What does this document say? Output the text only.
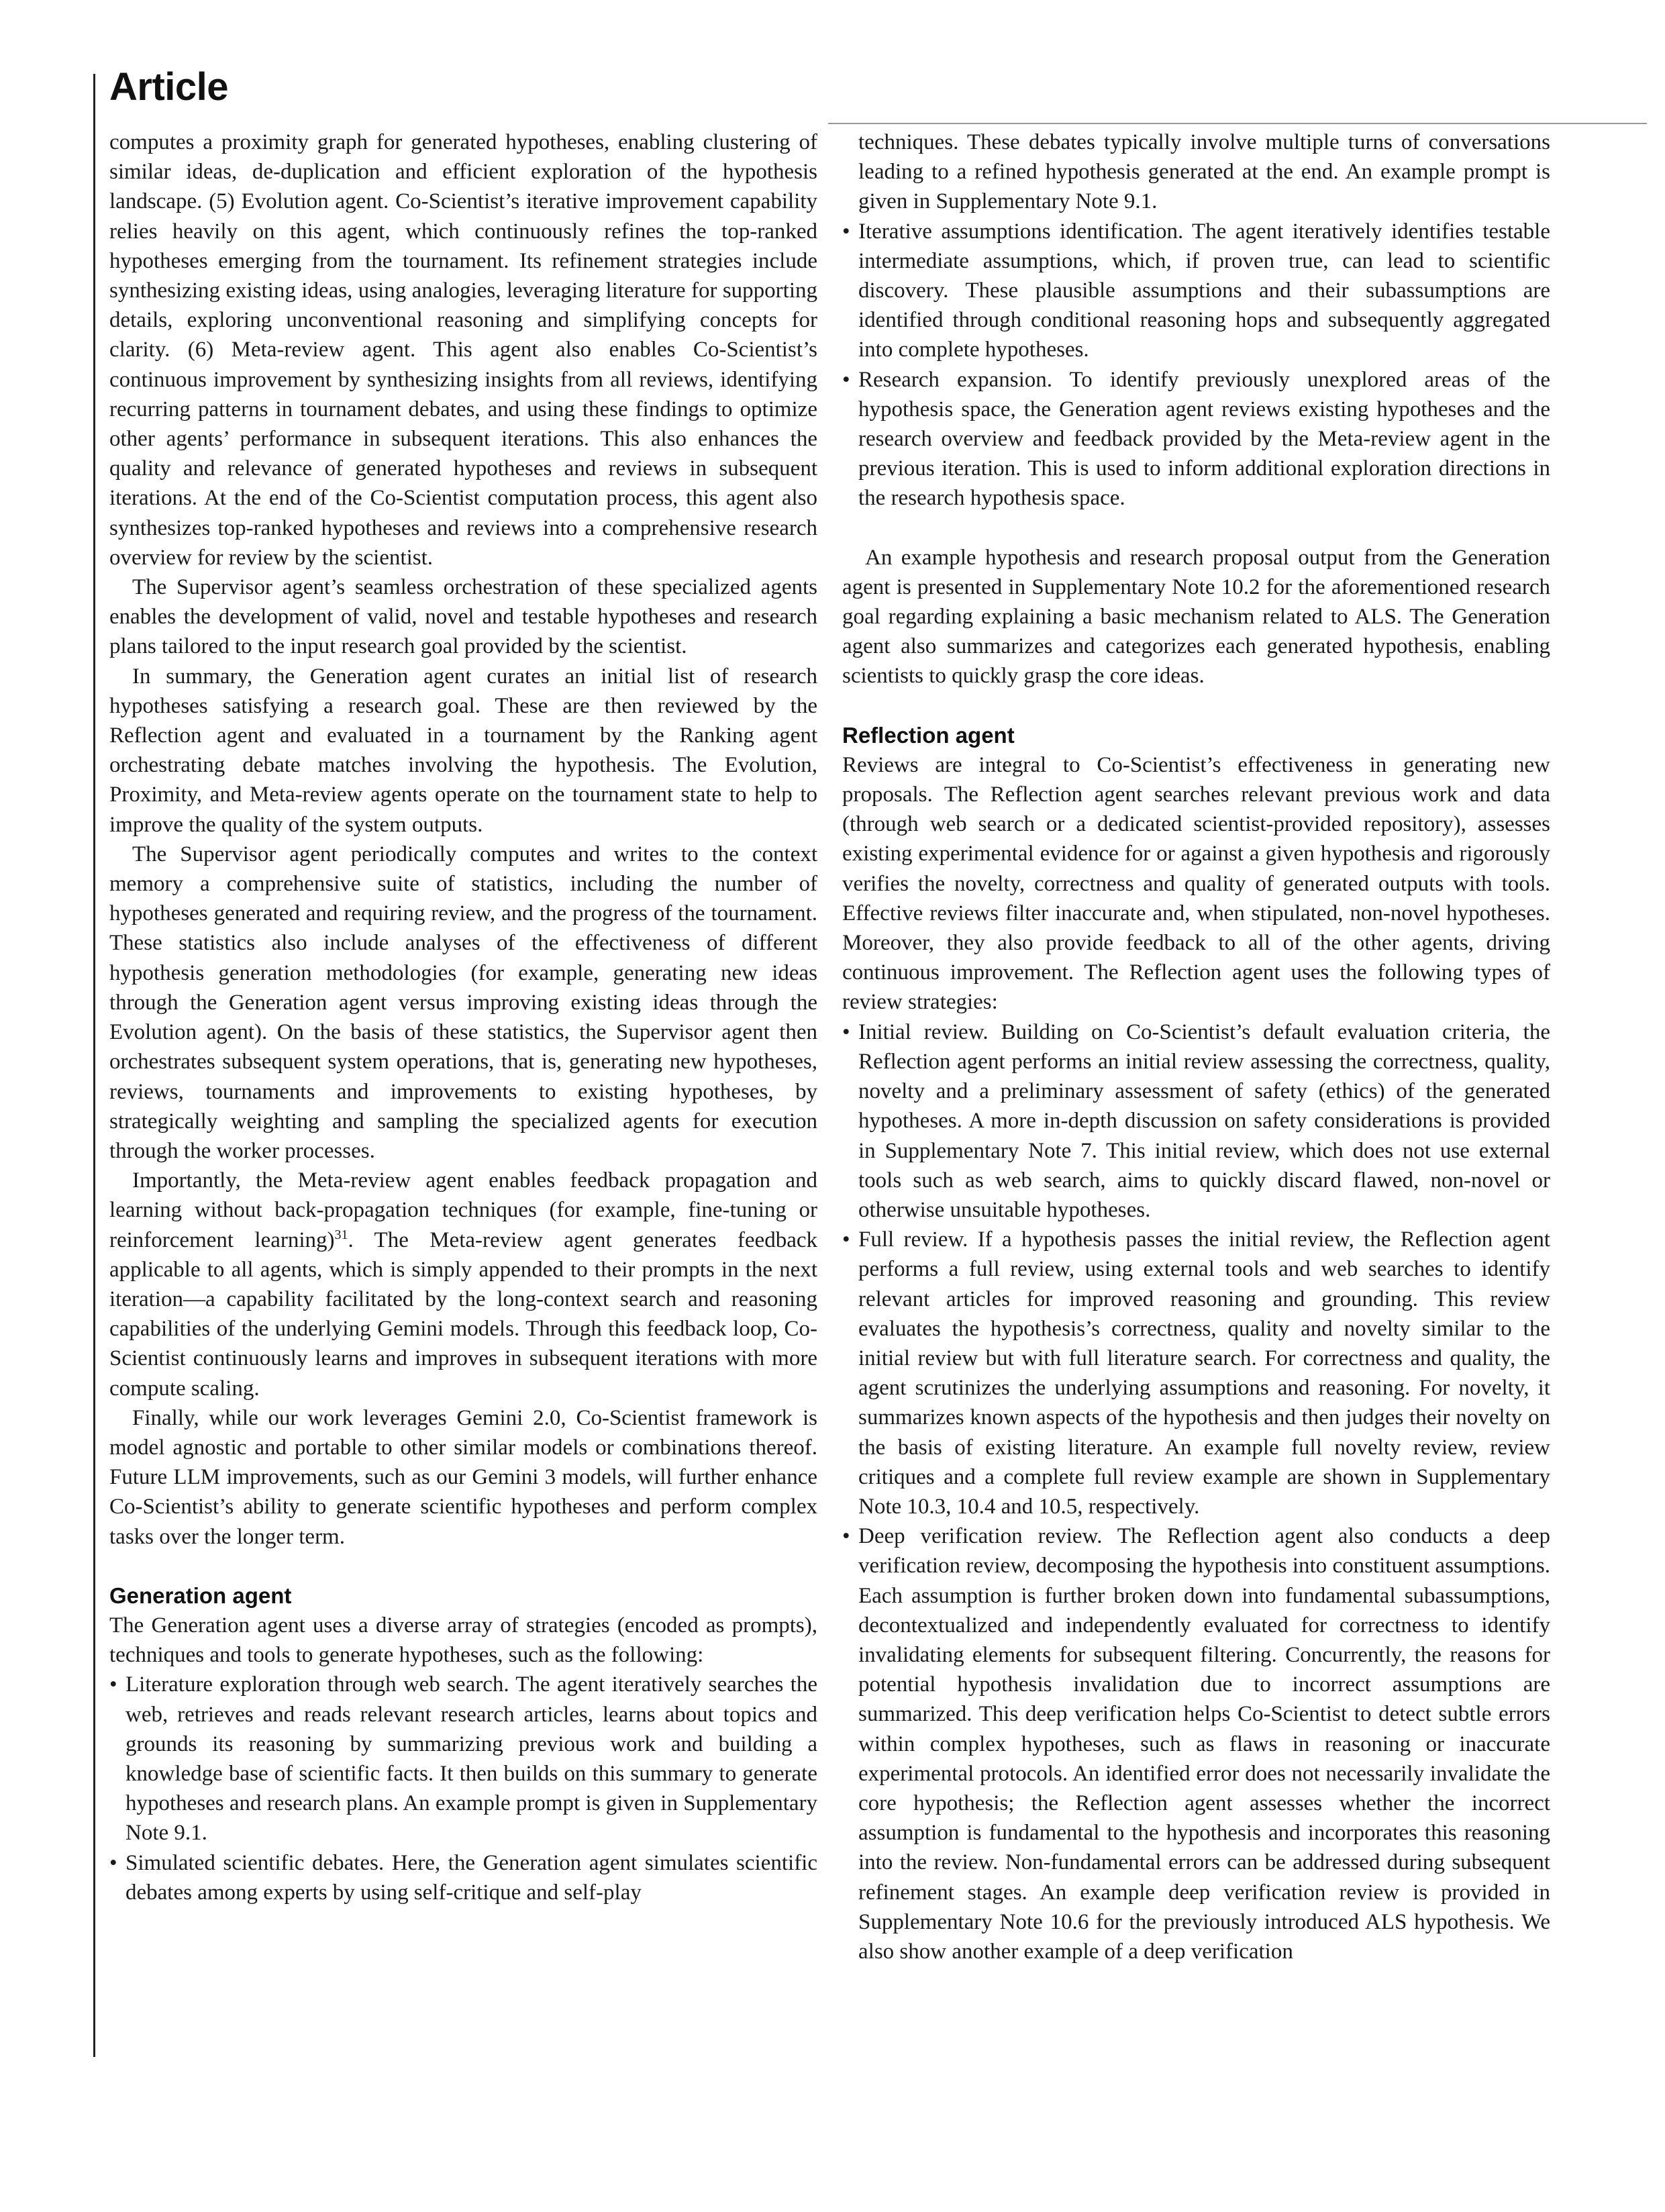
Article

computes a proximity graph for generated hypotheses, enabling clustering of similar ideas, de-duplication and efficient exploration of the hypothesis landscape. (5) Evolution agent. Co-Scientist’s iterative improvement capability relies heavily on this agent, which continuously refines the top-ranked hypotheses emerging from the tournament. Its refinement strategies include synthesizing existing ideas, using analogies, leveraging literature for supporting details, exploring unconventional reasoning and simplifying concepts for clarity. (6) Meta-review agent. This agent also enables Co-Scientist’s continuous improvement by synthesizing insights from all reviews, identifying recurring patterns in tournament debates, and using these findings to optimize other agents’ performance in subsequent iterations. This also enhances the quality and relevance of generated hypotheses and reviews in subsequent iterations. At the end of the Co-Scientist computation process, this agent also synthesizes top-ranked hypotheses and reviews into a comprehensive research overview for review by the scientist.

The Supervisor agent’s seamless orchestration of these specialized agents enables the development of valid, novel and testable hypotheses and research plans tailored to the input research goal provided by the scientist.

In summary, the Generation agent curates an initial list of research hypotheses satisfying a research goal. These are then reviewed by the Reflection agent and evaluated in a tournament by the Ranking agent orchestrating debate matches involving the hypothesis. The Evolution, Proximity, and Meta-review agents operate on the tournament state to help to improve the quality of the system outputs.

The Supervisor agent periodically computes and writes to the context memory a comprehensive suite of statistics, including the number of hypotheses generated and requiring review, and the progress of the tournament. These statistics also include analyses of the effectiveness of different hypothesis generation methodologies (for example, generating new ideas through the Generation agent versus improving existing ideas through the Evolution agent). On the basis of these statistics, the Supervisor agent then orchestrates subsequent system operations, that is, generating new hypotheses, reviews, tournaments and improvements to existing hypotheses, by strategically weighting and sampling the specialized agents for execution through the worker processes.

Importantly, the Meta-review agent enables feedback propagation and learning without back-propagation techniques (for example, fine-tuning or reinforcement learning)$^{31}$. The Meta-review agent generates feedback applicable to all agents, which is simply appended to their prompts in the next iteration—a capability facilitated by the long-context search and reasoning capabilities of the underlying Gemini models. Through this feedback loop, Co-Scientist continuously learns and improves in subsequent iterations with more compute scaling.

Finally, while our work leverages Gemini 2.0, Co-Scientist framework is model agnostic and portable to other similar models or combinations thereof. Future LLM improvements, such as our Gemini 3 models, will further enhance Co-Scientist’s ability to generate scientific hypotheses and perform complex tasks over the longer term.

Generation agent

The Generation agent uses a diverse array of strategies (encoded as prompts), techniques and tools to generate hypotheses, such as the following:

• Literature exploration through web search. The agent iteratively searches the web, retrieves and reads relevant research articles, learns about topics and grounds its reasoning by summarizing previous work and building a knowledge base of scientific facts. It then builds on this summary to generate hypotheses and research plans. An example prompt is given in Supplementary Note 9.1.
• Simulated scientific debates. Here, the Generation agent simulates scientific debates among experts by using self-critique and self-play

techniques. These debates typically involve multiple turns of conversations leading to a refined hypothesis generated at the end. An example prompt is given in Supplementary Note 9.1.

• Iterative assumptions identification. The agent iteratively identifies testable intermediate assumptions, which, if proven true, can lead to scientific discovery. These plausible assumptions and their subassumptions are identified through conditional reasoning hops and subsequently aggregated into complete hypotheses.
• Research expansion. To identify previously unexplored areas of the hypothesis space, the Generation agent reviews existing hypotheses and the research overview and feedback provided by the Meta-review agent in the previous iteration. This is used to inform additional exploration directions in the research hypothesis space.

An example hypothesis and research proposal output from the Generation agent is presented in Supplementary Note 10.2 for the aforementioned research goal regarding explaining a basic mechanism related to ALS. The Generation agent also summarizes and categorizes each generated hypothesis, enabling scientists to quickly grasp the core ideas.

Reflection agent

Reviews are integral to Co-Scientist’s effectiveness in generating new proposals. The Reflection agent searches relevant previous work and data (through web search or a dedicated scientist-provided repository), assesses existing experimental evidence for or against a given hypothesis and rigorously verifies the novelty, correctness and quality of generated outputs with tools. Effective reviews filter inaccurate and, when stipulated, non-novel hypotheses. Moreover, they also provide feedback to all of the other agents, driving continuous improvement. The Reflection agent uses the following types of review strategies:

• Initial review. Building on Co-Scientist’s default evaluation criteria, the Reflection agent performs an initial review assessing the correctness, quality, novelty and a preliminary assessment of safety (ethics) of the generated hypotheses. A more in-depth discussion on safety considerations is provided in Supplementary Note 7. This initial review, which does not use external tools such as web search, aims to quickly discard flawed, non-novel or otherwise unsuitable hypotheses.
• Full review. If a hypothesis passes the initial review, the Reflection agent performs a full review, using external tools and web searches to identify relevant articles for improved reasoning and grounding. This review evaluates the hypothesis’s correctness, quality and novelty similar to the initial review but with full literature search. For correctness and quality, the agent scrutinizes the underlying assumptions and reasoning. For novelty, it summarizes known aspects of the hypothesis and then judges their novelty on the basis of existing literature. An example full novelty review, review critiques and a complete full review example are shown in Supplementary Note 10.3, 10.4 and 10.5, respectively.
• Deep verification review. The Reflection agent also conducts a deep verification review, decomposing the hypothesis into constituent assumptions. Each assumption is further broken down into fundamental subassumptions, decontextualized and independently evaluated for correctness to identify invalidating elements for subsequent filtering. Concurrently, the reasons for potential hypothesis invalidation due to incorrect assumptions are summarized. This deep verification helps Co-Scientist to detect subtle errors within complex hypotheses, such as flaws in reasoning or inaccurate experimental protocols. An identified error does not necessarily invalidate the core hypothesis; the Reflection agent assesses whether the incorrect assumption is fundamental to the hypothesis and incorporates this reasoning into the review. Non-fundamental errors can be addressed during subsequent refinement stages. An example deep verification review is provided in Supplementary Note 10.6 for the previously introduced ALS hypothesis. We also show another example of a deep verification
